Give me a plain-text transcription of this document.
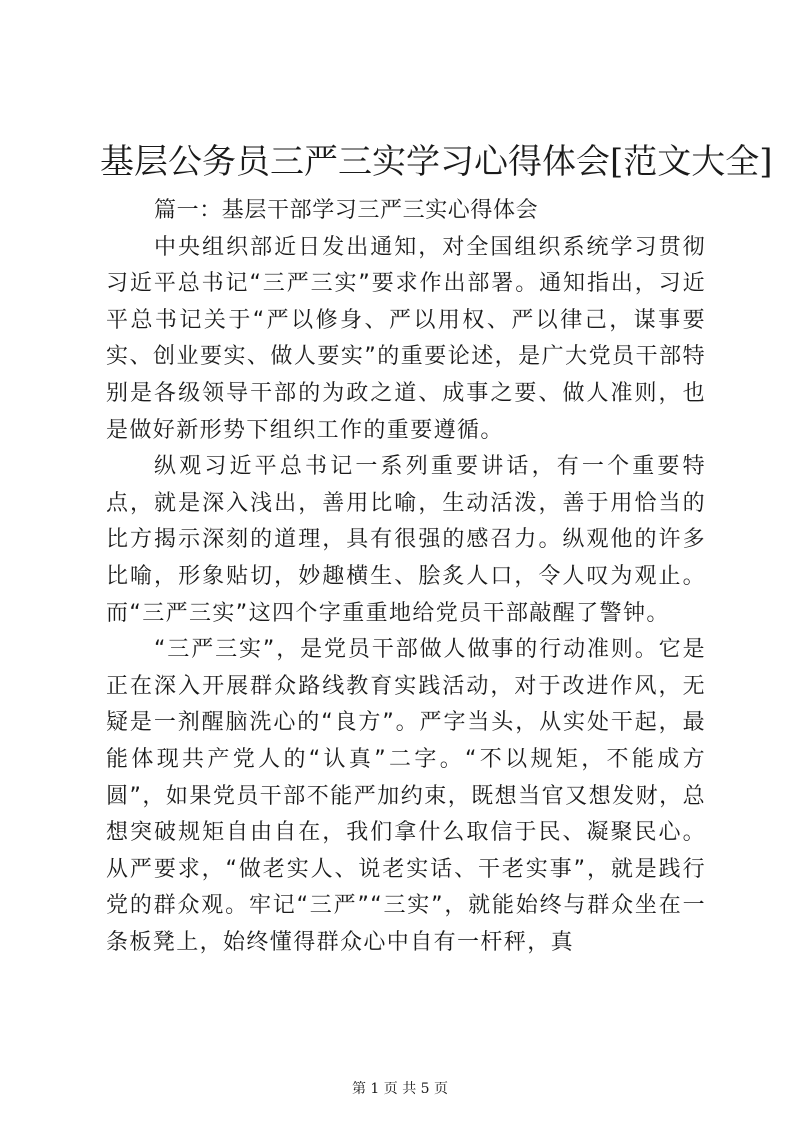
基层公务员三严三实学习心得体会[范文大全]

篇一：基层干部学习三严三实心得体会

中央组织部近日发出通知，对全国组织系统学习贯彻习近平总书记“三严三实”要求作出部署。通知指出，习近平总书记关于“严以修身、严以用权、严以律己，谋事要实、创业要实、做人要实”的重要论述，是广大党员干部特别是各级领导干部的为政之道、成事之要、做人准则，也是做好新形势下组织工作的重要遵循。

纵观习近平总书记一系列重要讲话，有一个重要特点，就是深入浅出，善用比喻，生动活泼，善于用恰当的比方揭示深刻的道理，具有很强的感召力。纵观他的许多比喻，形象贴切，妙趣横生、脍炙人口，令人叹为观止。而“三严三实”这四个字重重地给党员干部敲醒了警钟。

“三严三实”，是党员干部做人做事的行动准则。它是正在深入开展群众路线教育实践活动，对于改进作风，无疑是一剂醒脑洗心的“良方”。严字当头，从实处干起，最能体现共产党人的“认真”二字。“不以规矩，不能成方圆”，如果党员干部不能严加约束，既想当官又想发财，总想突破规矩自由自在，我们拿什么取信于民、凝聚民心。从严要求，“做老实人、说老实话、干老实事”，就是践行党的群众观。牢记“三严”“三实”，就能始终与群众坐在一条板凳上，始终懂得群众心中自有一杆秤，真

第 1 页 共 5 页
